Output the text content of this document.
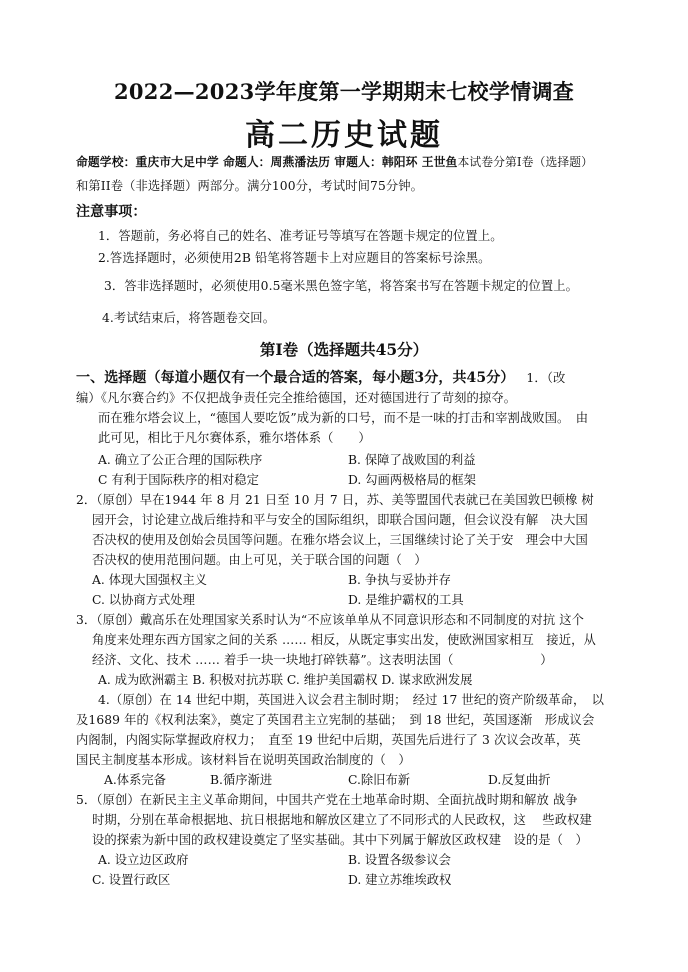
2022—2023学年度第一学期期末七校学情调查
高二历史试题
命题学校：重庆市大足中学 命题人：周燕潘法历 审题人：韩阳环 王世鱼本试卷分第Ⅰ卷（选择题）
和第II卷（非选择题）两部分。满分100分，考试时间75分钟。
注意事项：
1．答题前，务必将自己的姓名、准考证号等填写在答题卡规定的位置上。
2.答选择题时，必须使用2B 铅笔将答题卡上对应题目的答案标号涂黑。
3．答非选择题时，必须使用0.5毫米黑色签字笔，将答案书写在答题卡规定的位置上。
4.考试结束后，将答题卷交回。
第Ⅰ卷（选择题共45分）
一、选择题（每道小题仅有一个最合适的答案，每小题3分，共45分） 1．（改
编）《凡尔赛合约》不仅把战争责任完全推给德国，还对德国进行了苛刻的掠夺。
而在雅尔塔会议上，“德国人要吃饭”成为新的口号，而不是一味的打击和宰割战败国。　由
此可见，相比于凡尔赛体系，雅尔塔体系（　　）
A. 确立了公正合理的国际秩序	B. 保障了战败国的利益
C 有利于国际秩序的相对稳定	D. 勾画两极格局的框架
2．（原创）早在1944 年 8 月 21 日至 10 月 7 日，苏、美等盟国代表就已在美国敦巴顿橡 树
园开会，讨论建立战后维持和平与安全的国际组织，即联合国问题，但会议没有解　决大国
否决权的使用及创始会员国等问题。在雅尔塔会议上，三国继续讨论了关于安　理会中大国
否决权的使用范围问题。由上可见，关于联合国的问题（　）
A. 体现大国强权主义	B. 争执与妥协并存
C. 以协商方式处理	D. 是维护霸权的工具
3．（原创）戴高乐在处理国家关系时认为“不应该单单从不同意识形态和不同制度的对抗 这个
角度来处理东西方国家之间的关系 …… 相反，从既定事实出发，使欧洲国家相互　接近，从
经济、文化、技术 …… 着手一块一块地打碎铁幕”。这表明法国（　　　　　　　）
A. 成为欧洲霸主 B. 积极对抗苏联 C. 维护美国霸权 D. 谋求欧洲发展
4.（原创）在 14 世纪中期，英国进入议会君主制时期；　经过 17 世纪的资产阶级革命，　以
及1689 年的《权利法案》，奠定了英国君主立宪制的基础；　到 18 世纪，英国逐渐　形成议会
内阁制，内阁实际掌握政府权力；　直至 19 世纪中后期，英国先后进行了 3 次议会改革，英
国民主制度基本形成。该材料旨在说明英国政治制度的（　）
A.体系完备	B.循序渐进	C.除旧布新	D.反复曲折
5．（原创）在新民主主义革命期间，中国共产党在土地革命时期、全面抗战时期和解放 战争
时期，分别在革命根据地、抗日根据地和解放区建立了不同形式的人民政权，这　 些政权建
设的探索为新中国的政权建设奠定了坚实基础。其中下列属于解放区政权建　设的是（　）
A. 设立边区政府	B. 设置各级参议会
C. 设置行政区	D. 建立苏维埃政权
